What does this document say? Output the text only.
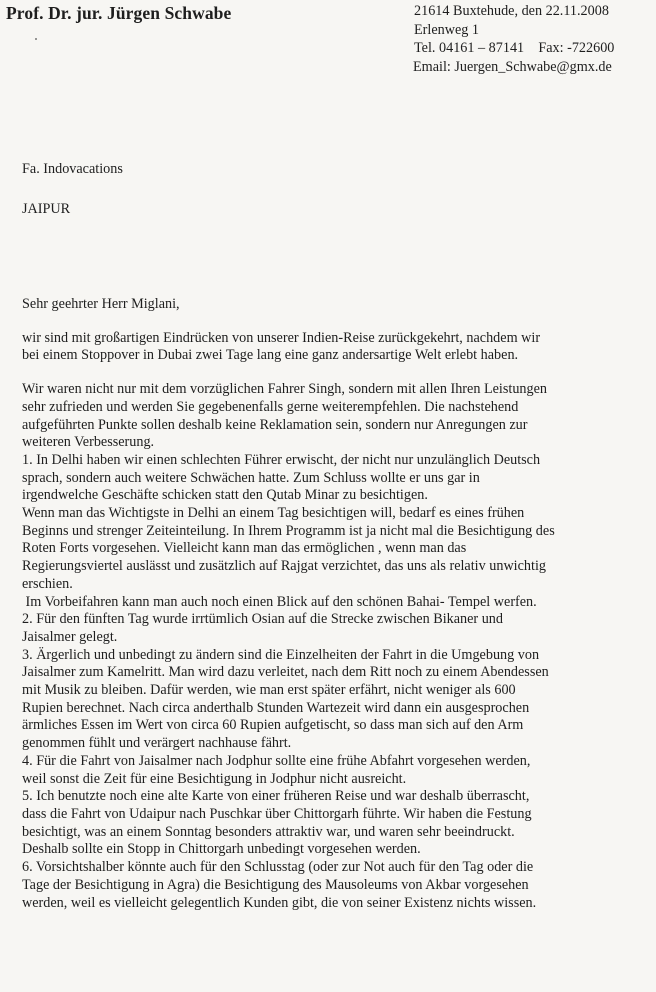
Prof. Dr. jur. Jürgen Schwabe	21614 Buxtehude, den 22.11.2008
Erlenweg 1
Tel. 04161 – 87141    Fax: -722600
Email: Juergen_Schwabe@gmx.de
Fa. Indovacations
JAIPUR

Sehr geehrter Herr Miglani,

wir sind mit großartigen Eindrücken von unserer Indien-Reise zurückgekehrt, nachdem wir

bei einem Stoppover in Dubai zwei Tage lang eine ganz andersartige Welt erlebt haben.

Wir waren nicht nur mit dem vorzüglichen Fahrer Singh, sondern mit allen Ihren Leistungen

sehr zufrieden und werden Sie gegebenenfalls gerne weiterempfehlen. Die nachstehend

aufgeführten Punkte sollen deshalb keine Reklamation sein, sondern nur Anregungen zur

weiteren Verbesserung.

1. In Delhi haben wir einen schlechten Führer erwischt, der nicht nur unzulänglich Deutsch

sprach, sondern auch weitere Schwächen hatte. Zum Schluss wollte er uns gar in

irgendwelche Geschäfte schicken statt den Qutab Minar zu besichtigen.

Wenn man das Wichtigste in Delhi an einem Tag besichtigen will, bedarf es eines frühen

Beginns und strenger Zeiteinteilung. In Ihrem Programm ist ja nicht mal die Besichtigung des

Roten Forts vorgesehen. Vielleicht kann man das ermöglichen , wenn man das

Regierungsviertel auslässt und zusätzlich auf Rajgat verzichtet, das uns als relativ unwichtig

erschien.

Im Vorbeifahren kann man auch noch einen Blick auf den schönen Bahai- Tempel werfen.

2. Für den fünften Tag wurde irrtümlich Osian auf die Strecke zwischen Bikaner und

Jaisalmer gelegt.

3. Ärgerlich und unbedingt zu ändern sind die Einzelheiten der Fahrt in die Umgebung von

Jaisalmer zum Kamelritt. Man wird dazu verleitet, nach dem Ritt noch zu einem Abendessen

mit Musik zu bleiben. Dafür werden, wie man erst später erfährt, nicht weniger als 600

Rupien berechnet. Nach circa anderthalb Stunden Wartezeit wird dann ein ausgesprochen

ärmliches Essen im Wert von circa 60 Rupien aufgetischt, so dass man sich auf den Arm

genommen fühlt und verärgert nachhause fährt.

4. Für die Fahrt von Jaisalmer nach Jodphur sollte eine frühe Abfahrt vorgesehen werden,

weil sonst die Zeit für eine Besichtigung in Jodphur nicht ausreicht.

5. Ich benutzte noch eine alte Karte von einer früheren Reise und war deshalb überrascht,

dass die Fahrt von Udaipur nach Puschkar über Chittorgarh führte. Wir haben die Festung

besichtigt, was an einem Sonntag besonders attraktiv war, und waren sehr beeindruckt.

Deshalb sollte ein Stopp in Chittorgarh unbedingt vorgesehen werden.

6. Vorsichtshalber könnte auch für den Schlusstag (oder zur Not auch für den Tag oder die

Tage der Besichtigung in Agra) die Besichtigung des Mausoleums von Akbar vorgesehen

werden, weil es vielleicht gelegentlich Kunden gibt, die von seiner Existenz nichts wissen.
